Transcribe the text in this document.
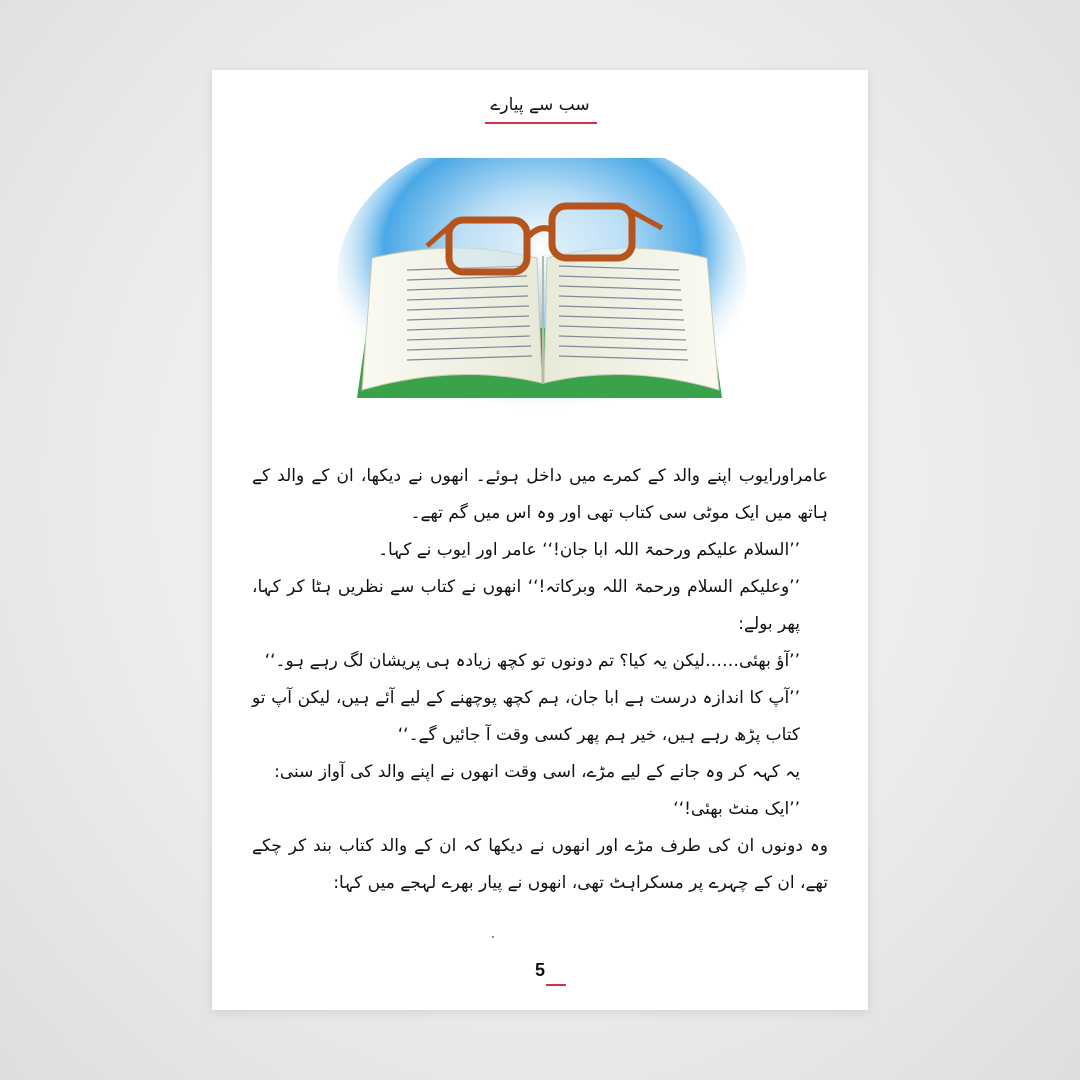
سب سے پیارے

عامراورایوب اپنے والد کے کمرے میں داخل ہوئے۔ انھوں نے دیکھا، ان کے والد کے ہاتھ میں ایک موٹی سی کتاب تھی اور وہ اس میں گم تھے۔

’’السلام علیکم ورحمۃ اللہ ابا جان!‘‘ عامر اور ایوب نے کہا۔

’’وعلیکم السلام ورحمۃ اللہ وبرکاتہ!‘‘ انھوں نے کتاب سے نظریں ہٹا کر کہا، پھر بولے:

’’آؤ بھئی……لیکن یہ کیا؟ تم دونوں تو کچھ زیادہ ہی پریشان لگ رہے ہو۔‘‘

’’آپ کا اندازہ درست ہے ابا جان، ہم کچھ پوچھنے کے لیے آئے ہیں، لیکن آپ تو کتاب پڑھ رہے ہیں، خیر ہم پھر کسی وقت آ جائیں گے۔‘‘

یہ کہہ کر وہ جانے کے لیے مڑے، اسی وقت انھوں نے اپنے والد کی آواز سنی:

’’ایک منٹ بھئی!‘‘

وہ دونوں ان کی طرف مڑے اور انھوں نے دیکھا کہ ان کے والد کتاب بند کر چکے تھے، ان کے چہرے پر مسکراہٹ تھی، انھوں نے پیار بھرے لہجے میں کہا:

5
